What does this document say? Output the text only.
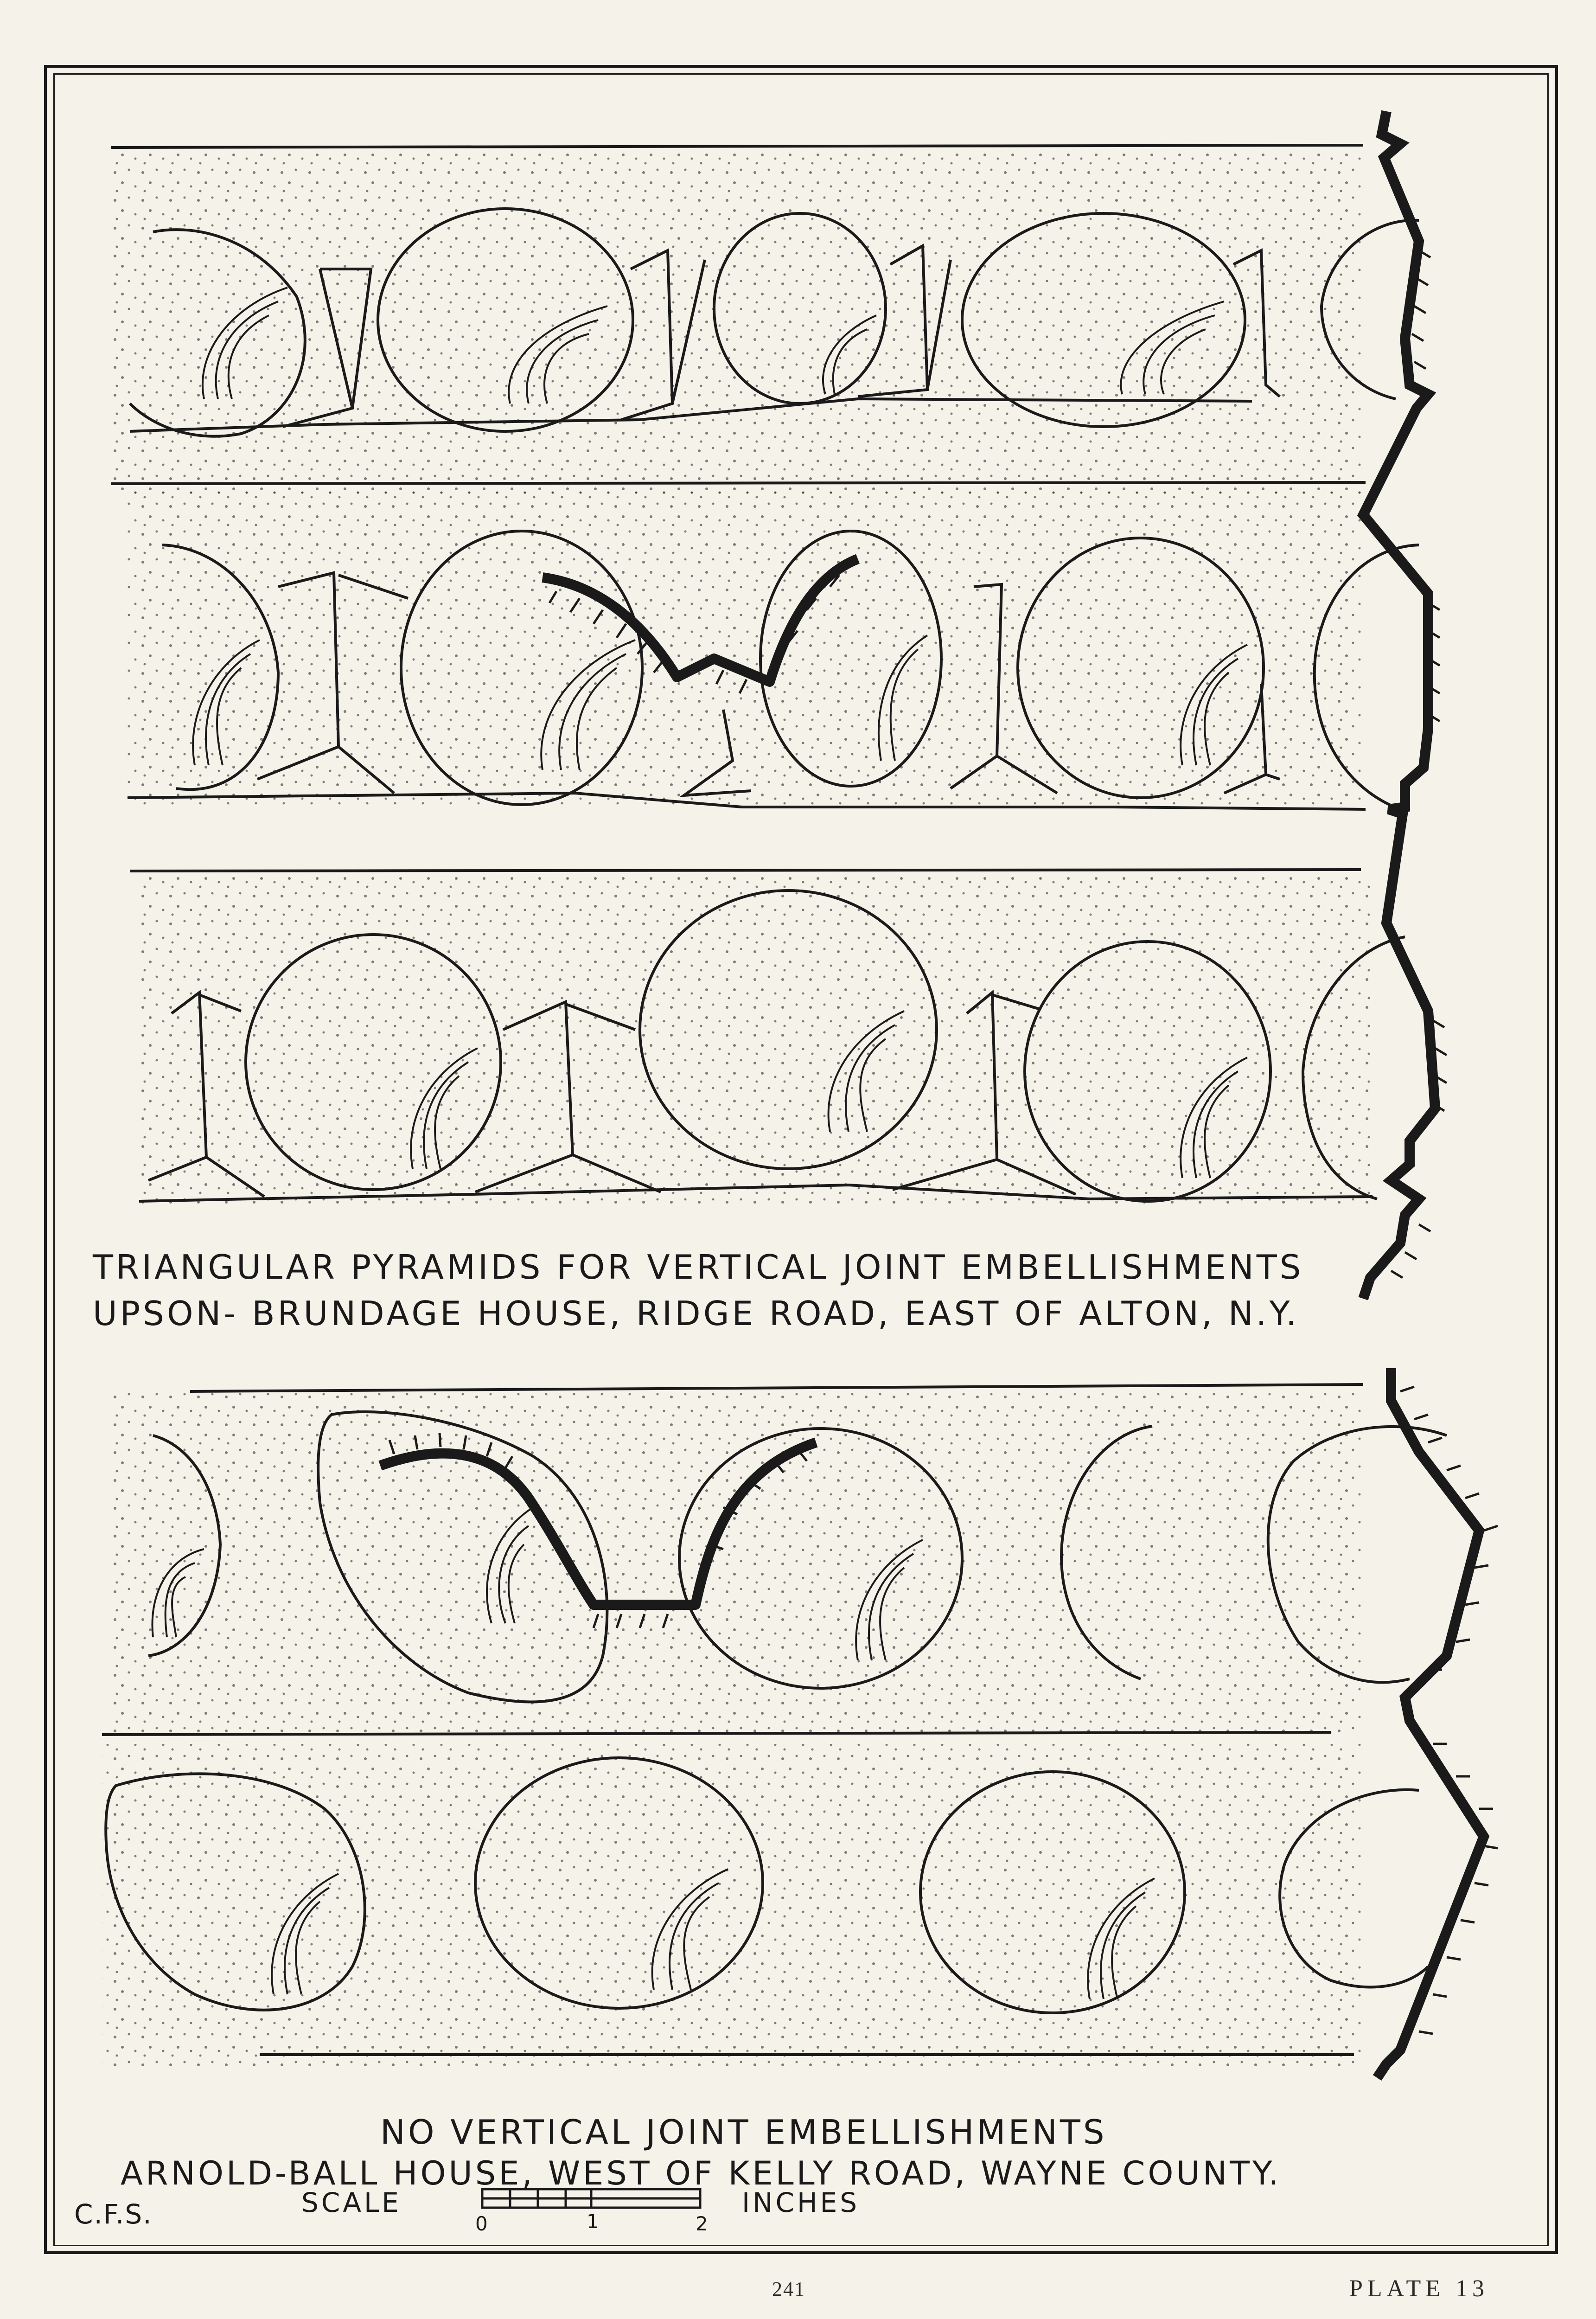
TRIANGULAR PYRAMIDS FOR VERTICAL JOINT EMBELLISHMENTS
UPSON- BRUNDAGE HOUSE, RIDGE ROAD, EAST OF ALTON, N.Y.
NO VERTICAL JOINT EMBELLISHMENTS
ARNOLD-BALL HOUSE, WEST OF KELLY ROAD, WAYNE COUNTY.
C.F.S.	SCALE
0	1	2
INCHES
241	PLATE 13
